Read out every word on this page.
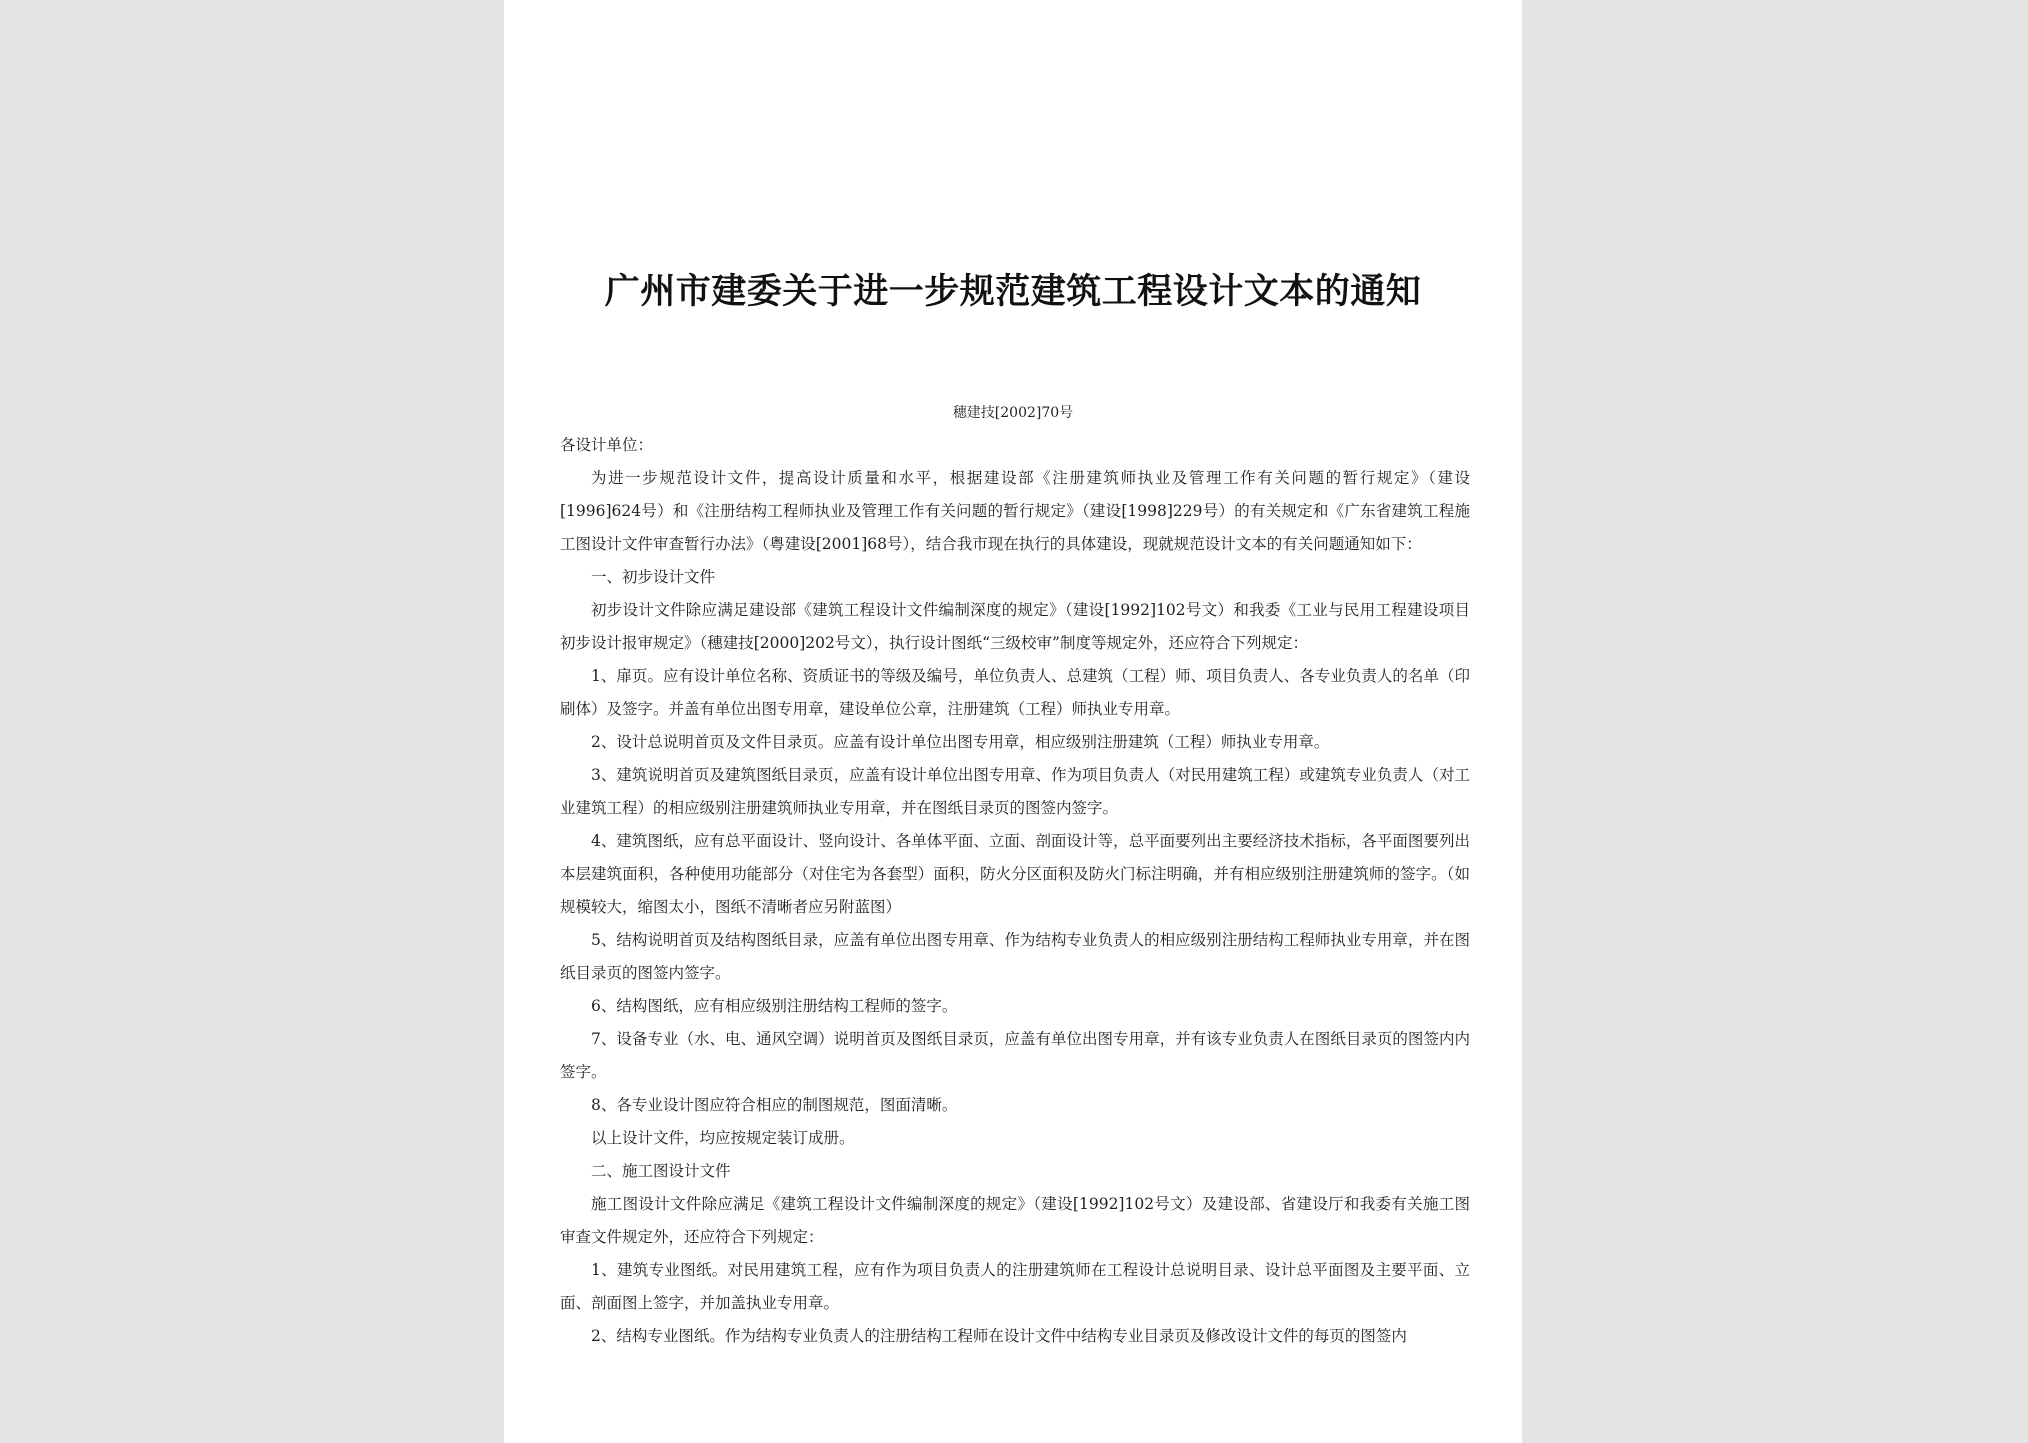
广州市建委关于进一步规范建筑工程设计文本的通知
穗建技[2002]70号

各设计单位：

为进一步规范设计文件，提高设计质量和水平，根据建设部《注册建筑师执业及管理工作有关问题的暂行规定》（建设[1996]624号）和《注册结构工程师执业及管理工作有关问题的暂行规定》（建设[1998]229号）的有关规定和《广东省建筑工程施工图设计文件审查暂行办法》（粤建设[2001]68号），结合我市现在执行的具体建设，现就规范设计文本的有关问题通知如下：

一、初步设计文件

初步设计文件除应满足建设部《建筑工程设计文件编制深度的规定》（建设[1992]102号文）和我委《工业与民用工程建设项目初步设计报审规定》（穗建技[2000]202号文），执行设计图纸“三级校审”制度等规定外，还应符合下列规定：

1、扉页。应有设计单位名称、资质证书的等级及编号，单位负责人、总建筑（工程）师、项目负责人、各专业负责人的名单（印刷体）及签字。并盖有单位出图专用章，建设单位公章，注册建筑（工程）师执业专用章。

2、设计总说明首页及文件目录页。应盖有设计单位出图专用章，相应级别注册建筑（工程）师执业专用章。

3、建筑说明首页及建筑图纸目录页，应盖有设计单位出图专用章、作为项目负责人（对民用建筑工程）或建筑专业负责人（对工业建筑工程）的相应级别注册建筑师执业专用章，并在图纸目录页的图签内签字。

4、建筑图纸，应有总平面设计、竖向设计、各单体平面、立面、剖面设计等，总平面要列出主要经济技术指标，各平面图要列出本层建筑面积，各种使用功能部分（对住宅为各套型）面积，防火分区面积及防火门标注明确，并有相应级别注册建筑师的签字。（如规模较大，缩图太小，图纸不清晰者应另附蓝图）

5、结构说明首页及结构图纸目录，应盖有单位出图专用章、作为结构专业负责人的相应级别注册结构工程师执业专用章，并在图纸目录页的图签内签字。

6、结构图纸，应有相应级别注册结构工程师的签字。

7、设备专业（水、电、通风空调）说明首页及图纸目录页，应盖有单位出图专用章，并有该专业负责人在图纸目录页的图签内内签字。

8、各专业设计图应符合相应的制图规范，图面清晰。

以上设计文件，均应按规定装订成册。

二、施工图设计文件

施工图设计文件除应满足《建筑工程设计文件编制深度的规定》（建设[1992]102号文）及建设部、省建设厅和我委有关施工图审查文件规定外，还应符合下列规定：

1、建筑专业图纸。对民用建筑工程，应有作为项目负责人的注册建筑师在工程设计总说明目录、设计总平面图及主要平面、立面、剖面图上签字，并加盖执业专用章。

2、结构专业图纸。作为结构专业负责人的注册结构工程师在设计文件中结构专业目录页及修改设计文件的每页的图签内
